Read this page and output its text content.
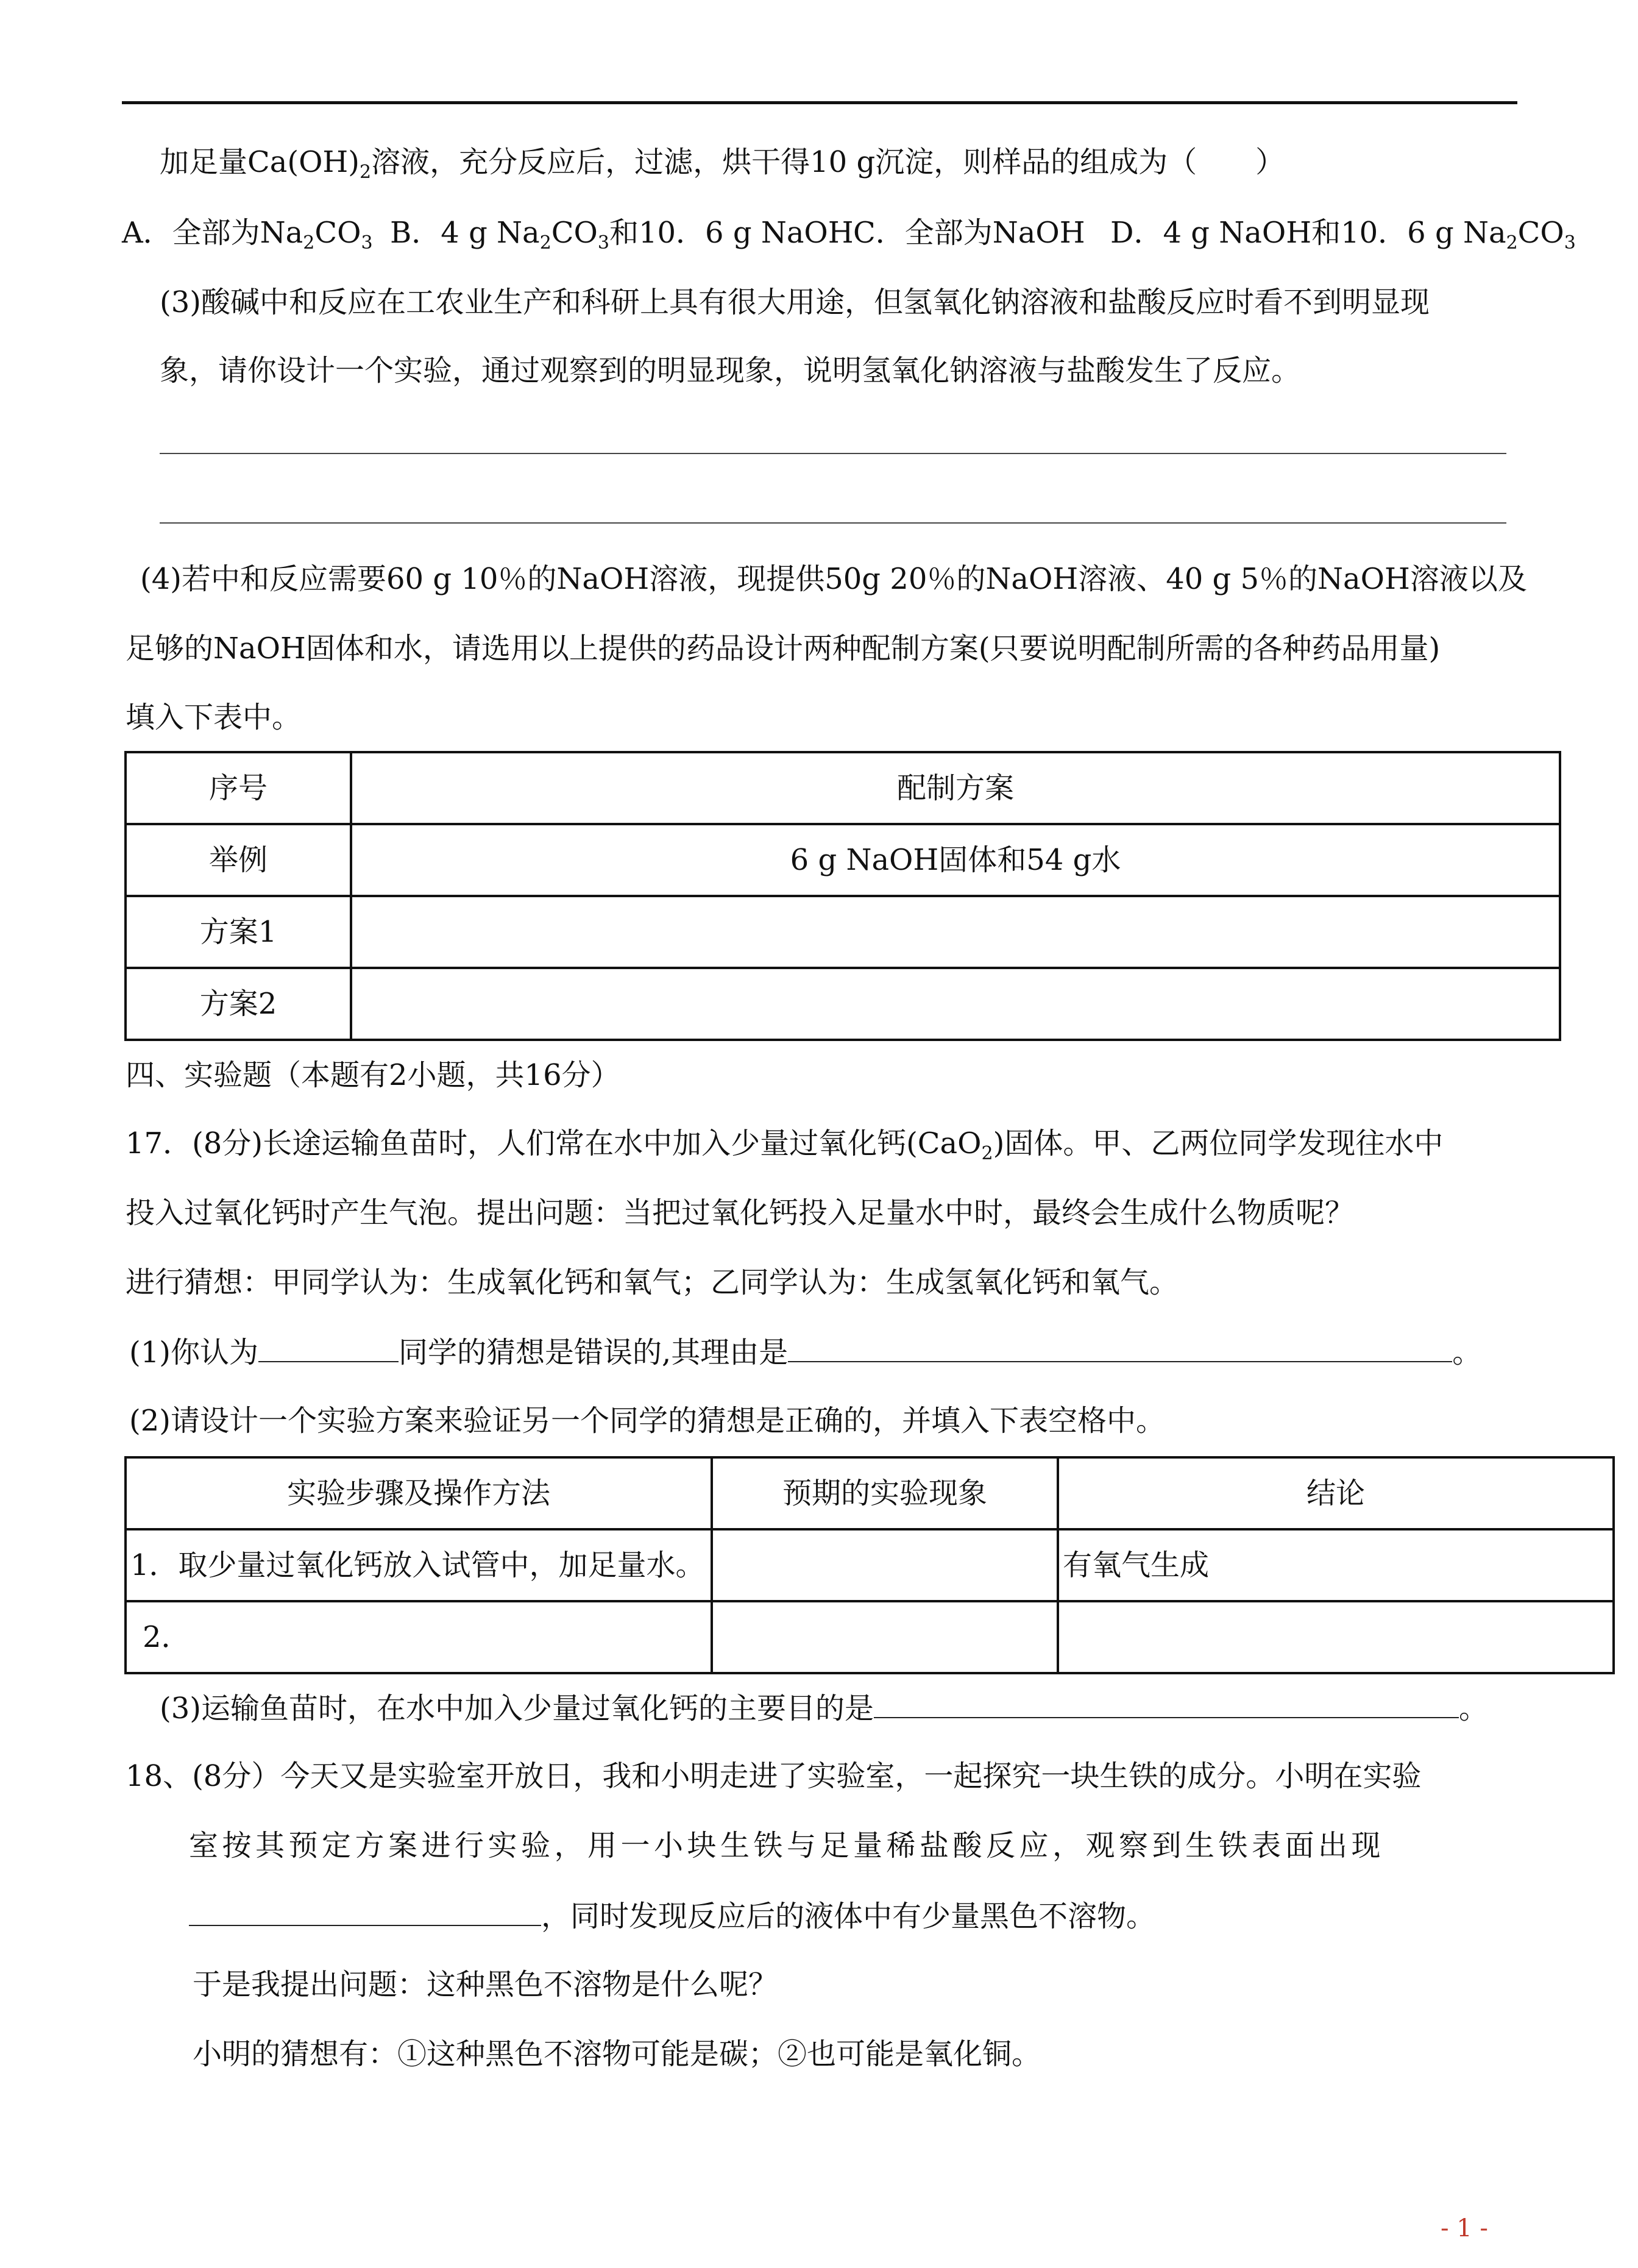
加足量$Ca(OH)_2$溶液，充分反应后，过滤，烘干得10 g沉淀，则样品的组成为（　　）
A．全部为$Na_2CO_3$ B．4 g $Na_2CO_3$和10．6 g NaOH C．全部为NaOH D．4 g NaOH和10．6 g $Na_2CO_3$
(3)酸碱中和反应在工农业生产和科研上具有很大用途，但氢氧化钠溶液和盐酸反应时看不到明显现
象，请你设计一个实验，通过观察到的明显现象，说明氢氧化钠溶液与盐酸发生了反应。
(4)若中和反应需要60 g 10％的NaOH溶液，现提供50g 20％的NaOH溶液、40 g 5％的NaOH溶液以及
足够的NaOH固体和水，请选用以上提供的药品设计两种配制方案(只要说明配制所需的各种药品用量)
填入下表中。
序号	配制方案
举例	6 g NaOH固体和54 g水
方案1	
方案2	
四、实验题（本题有2小题，共16分）
17．(8分)长途运输鱼苗时，人们常在水中加入少量过氧化钙(CaO$_2$)固体。甲、乙两位同学发现往水中
投入过氧化钙时产生气泡。提出问题：当把过氧化钙投入足量水中时，最终会生成什么物质呢？
进行猜想：甲同学认为：生成氧化钙和氧气；乙同学认为：生成氢氧化钙和氧气。
(1)你认为	同学的猜想是错误的,其理由是	。
(2)请设计一个实验方案来验证另一个同学的猜想是正确的，并填入下表空格中。
实验步骤及操作方法	预期的实验现象	结论
1．取少量过氧化钙放入试管中，加足量水。		有氧气生成
2．		
(3)运输鱼苗时，在水中加入少量过氧化钙的主要目的是	。
18、(8分）今天又是实验室开放日，我和小明走进了实验室，一起探究一块生铁的成分。小明在实验
室按其预定方案进行实验，用一小块生铁与足量稀盐酸反应，观察到生铁表面出现
，同时发现反应后的液体中有少量黑色不溶物。
于是我提出问题：这种黑色不溶物是什么呢？
小明的猜想有：①这种黑色不溶物可能是碳；②也可能是氧化铜。
- 1 -
